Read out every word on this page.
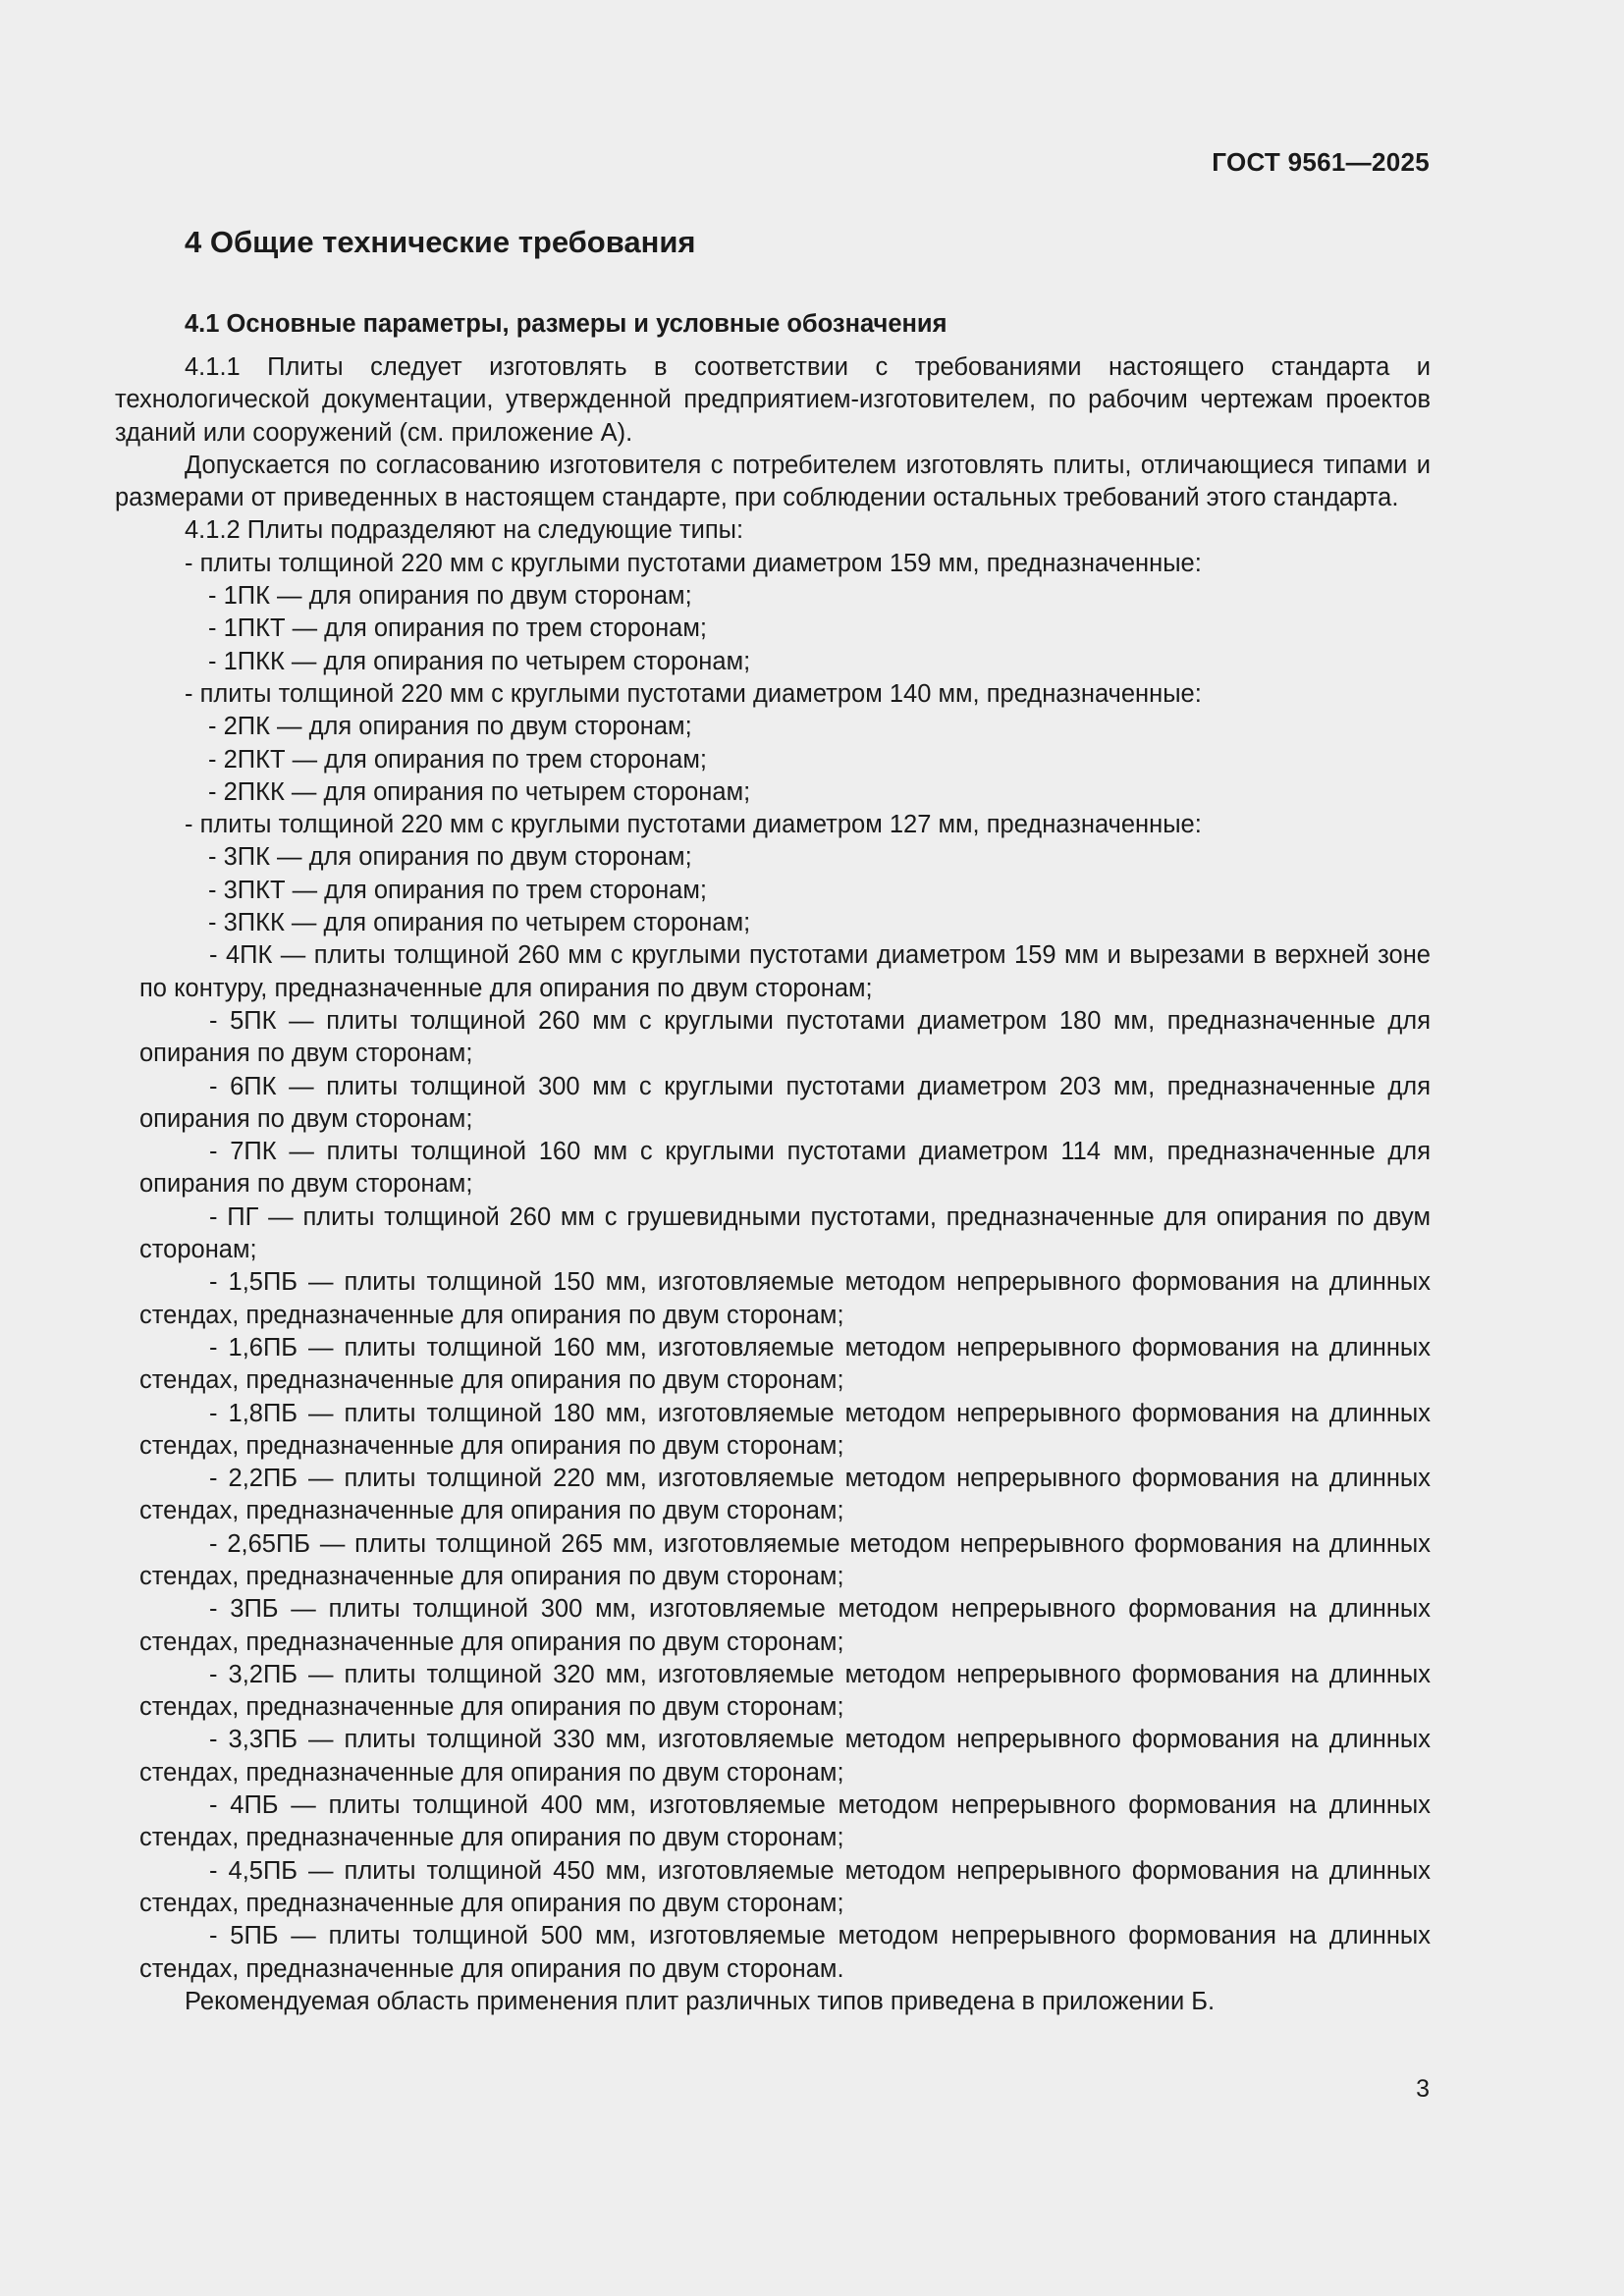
ГОСТ 9561—2025
4 Общие технические требования
4.1 Основные параметры, размеры и условные обозначения

4.1.1 Плиты следует изготовлять в соответствии с требованиями настоящего стандарта и технологической документации, утвержденной предприятием-изготовителем, по рабочим чертежам проектов зданий или сооружений (см. приложение А).

Допускается по согласованию изготовителя с потребителем изготовлять плиты, отличающиеся типами и размерами от приведенных в настоящем стандарте, при соблюдении остальных требований этого стандарта.

4.1.2 Плиты подразделяют на следующие типы:

- плиты толщиной 220 мм с круглыми пустотами диаметром 159 мм, предназначенные:

- 1ПК — для опирания по двум сторонам;

- 1ПКТ — для опирания по трем сторонам;

- 1ПКК — для опирания по четырем сторонам;

- плиты толщиной 220 мм с круглыми пустотами диаметром 140 мм, предназначенные:

- 2ПК — для опирания по двум сторонам;

- 2ПКТ — для опирания по трем сторонам;

- 2ПКК — для опирания по четырем сторонам;

- плиты толщиной 220 мм с круглыми пустотами диаметром 127 мм, предназначенные:

- 3ПК — для опирания по двум сторонам;

- 3ПКТ — для опирания по трем сторонам;

- 3ПКК — для опирания по четырем сторонам;

- 4ПК — плиты толщиной 260 мм с круглыми пустотами диаметром 159 мм и вырезами в верхней зоне по контуру, предназначенные для опирания по двум сторонам;

- 5ПК — плиты толщиной 260 мм с круглыми пустотами диаметром 180 мм, предназначенные для опирания по двум сторонам;

- 6ПК — плиты толщиной 300 мм с круглыми пустотами диаметром 203 мм, предназначенные для опирания по двум сторонам;

- 7ПК — плиты толщиной 160 мм с круглыми пустотами диаметром 114 мм, предназначенные для опирания по двум сторонам;

- ПГ — плиты толщиной 260 мм с грушевидными пустотами, предназначенные для опирания по двум сторонам;

- 1,5ПБ — плиты толщиной 150 мм, изготовляемые методом непрерывного формования на длинных стендах, предназначенные для опирания по двум сторонам;

- 1,6ПБ — плиты толщиной 160 мм, изготовляемые методом непрерывного формования на длинных стендах, предназначенные для опирания по двум сторонам;

- 1,8ПБ — плиты толщиной 180 мм, изготовляемые методом непрерывного формования на длинных стендах, предназначенные для опирания по двум сторонам;

- 2,2ПБ — плиты толщиной 220 мм, изготовляемые методом непрерывного формования на длинных стендах, предназначенные для опирания по двум сторонам;

- 2,65ПБ — плиты толщиной 265 мм, изготовляемые методом непрерывного формования на длинных стендах, предназначенные для опирания по двум сторонам;

- 3ПБ — плиты толщиной 300 мм, изготовляемые методом непрерывного формования на длинных стендах, предназначенные для опирания по двум сторонам;

- 3,2ПБ — плиты толщиной 320 мм, изготовляемые методом непрерывного формования на длинных стендах, предназначенные для опирания по двум сторонам;

- 3,3ПБ — плиты толщиной 330 мм, изготовляемые методом непрерывного формования на длинных стендах, предназначенные для опирания по двум сторонам;

- 4ПБ — плиты толщиной 400 мм, изготовляемые методом непрерывного формования на длинных стендах, предназначенные для опирания по двум сторонам;

- 4,5ПБ — плиты толщиной 450 мм, изготовляемые методом непрерывного формования на длинных стендах, предназначенные для опирания по двум сторонам;

- 5ПБ — плиты толщиной 500 мм, изготовляемые методом непрерывного формования на длинных стендах, предназначенные для опирания по двум сторонам.

Рекомендуемая область применения плит различных типов приведена в приложении Б.

3
